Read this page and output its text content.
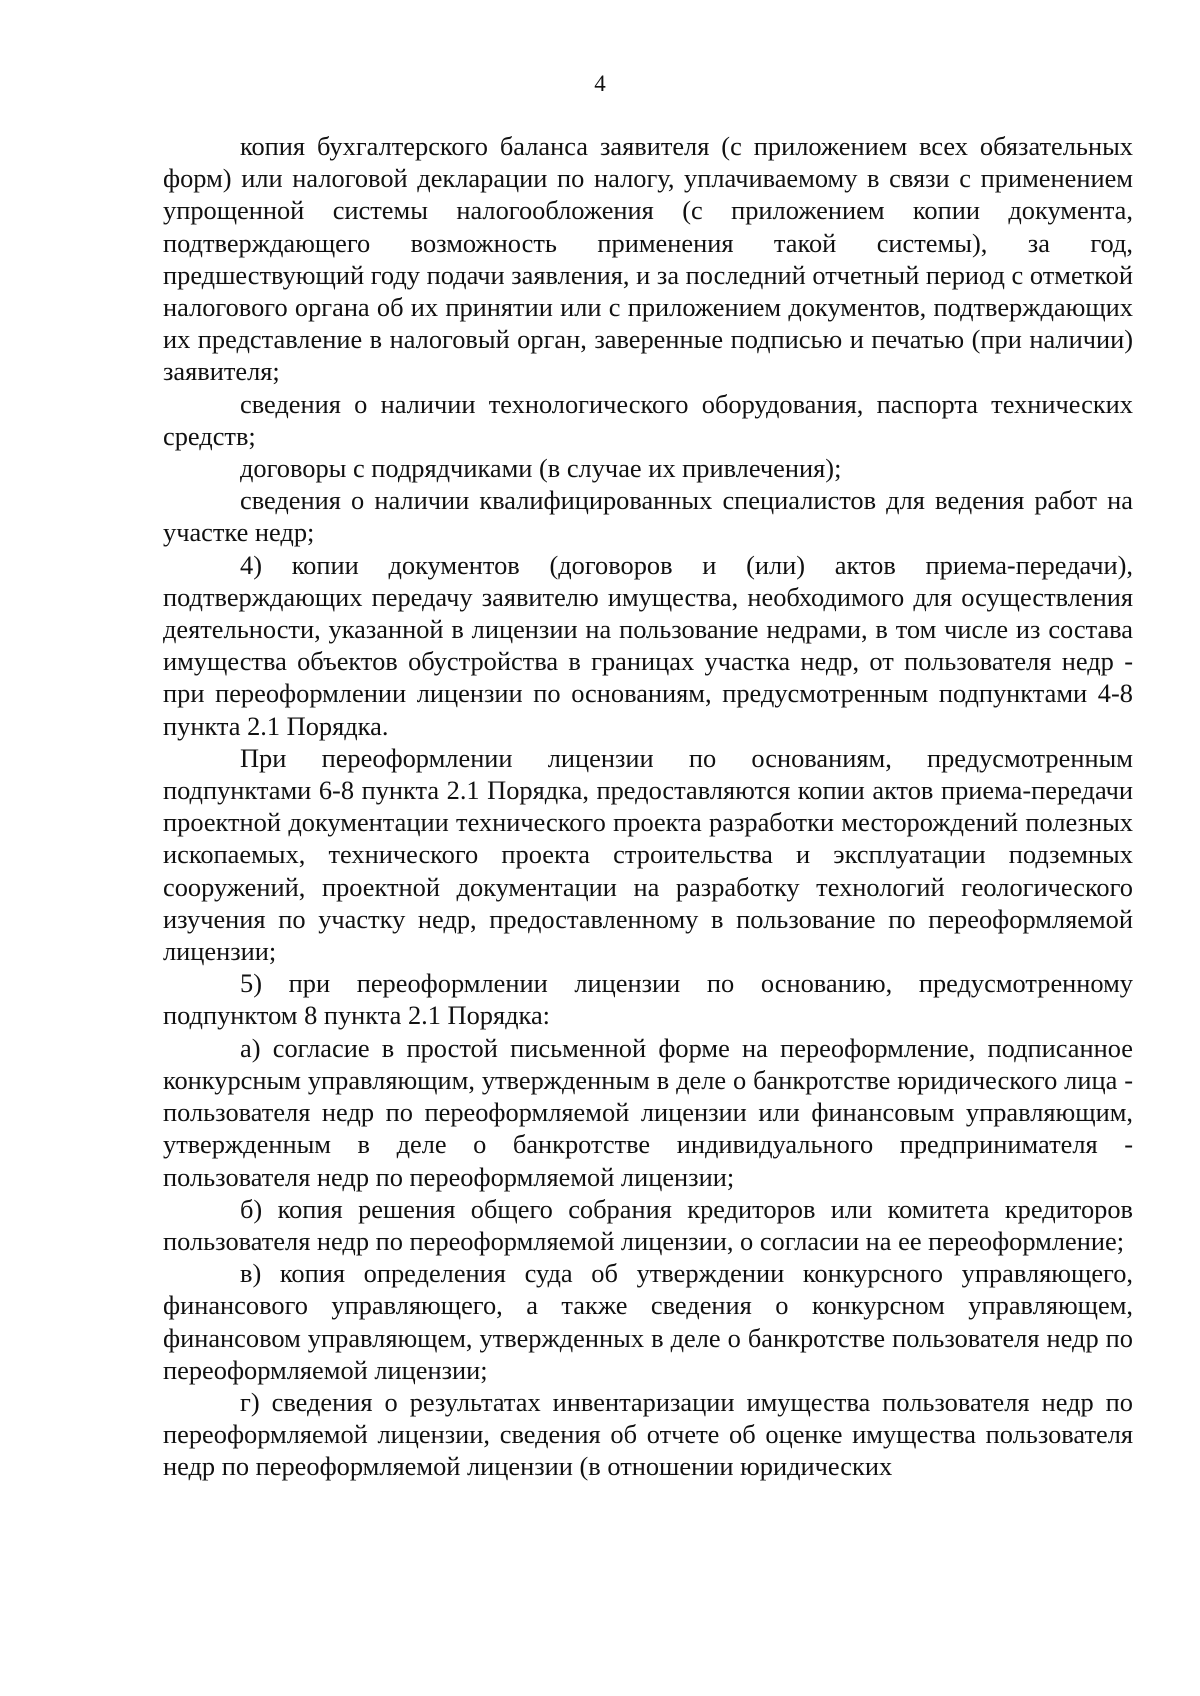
4

копия бухгалтерского баланса заявителя (с приложением всех обязательных форм) или налоговой декларации по налогу, уплачиваемому в связи с применением упрощенной системы налогообложения (с приложением копии документа, подтверждающего возможность применения такой системы), за год, предшествующий году подачи заявления, и за последний отчетный период с отметкой налогового органа об их принятии или с приложением документов, подтверждающих их представление в налоговый орган, заверенные подписью и печатью (при наличии) заявителя;

сведения о наличии технологического оборудования, паспорта технических средств;

договоры с подрядчиками (в случае их привлечения);

сведения о наличии квалифицированных специалистов для ведения работ на участке недр;

4) копии документов (договоров и (или) актов приема-передачи), подтверждающих передачу заявителю имущества, необходимого для осуществления деятельности, указанной в лицензии на пользование недрами, в том числе из состава имущества объектов обустройства в границах участка недр, от пользователя недр - при переоформлении лицензии по основаниям, предусмотренным подпунктами 4-8 пункта 2.1 Порядка.

При переоформлении лицензии по основаниям, предусмотренным подпунктами 6-8 пункта 2.1 Порядка, предоставляются копии актов приема-передачи проектной документации технического проекта разработки месторождений полезных ископаемых, технического проекта строительства и эксплуатации подземных сооружений, проектной документации на разработку технологий геологического изучения по участку недр, предоставленному в пользование по переоформляемой лицензии;

5) при переоформлении лицензии по основанию, предусмотренному подпунктом 8 пункта 2.1 Порядка:

а) согласие в простой письменной форме на переоформление, подписанное конкурсным управляющим, утвержденным в деле о банкротстве юридического лица - пользователя недр по переоформляемой лицензии или финансовым управляющим, утвержденным в деле о банкротстве индивидуального предпринимателя - пользователя недр по переоформляемой лицензии;

б) копия решения общего собрания кредиторов или комитета кредиторов пользователя недр по переоформляемой лицензии, о согласии на ее переоформление;

в) копия определения суда об утверждении конкурсного управляющего, финансового управляющего, а также сведения о конкурсном управляющем, финансовом управляющем, утвержденных в деле о банкротстве пользователя недр по переоформляемой лицензии;

г) сведения о результатах инвентаризации имущества пользователя недр по переоформляемой лицензии, сведения об отчете об оценке имущества пользователя недр по переоформляемой лицензии (в отношении юридических
